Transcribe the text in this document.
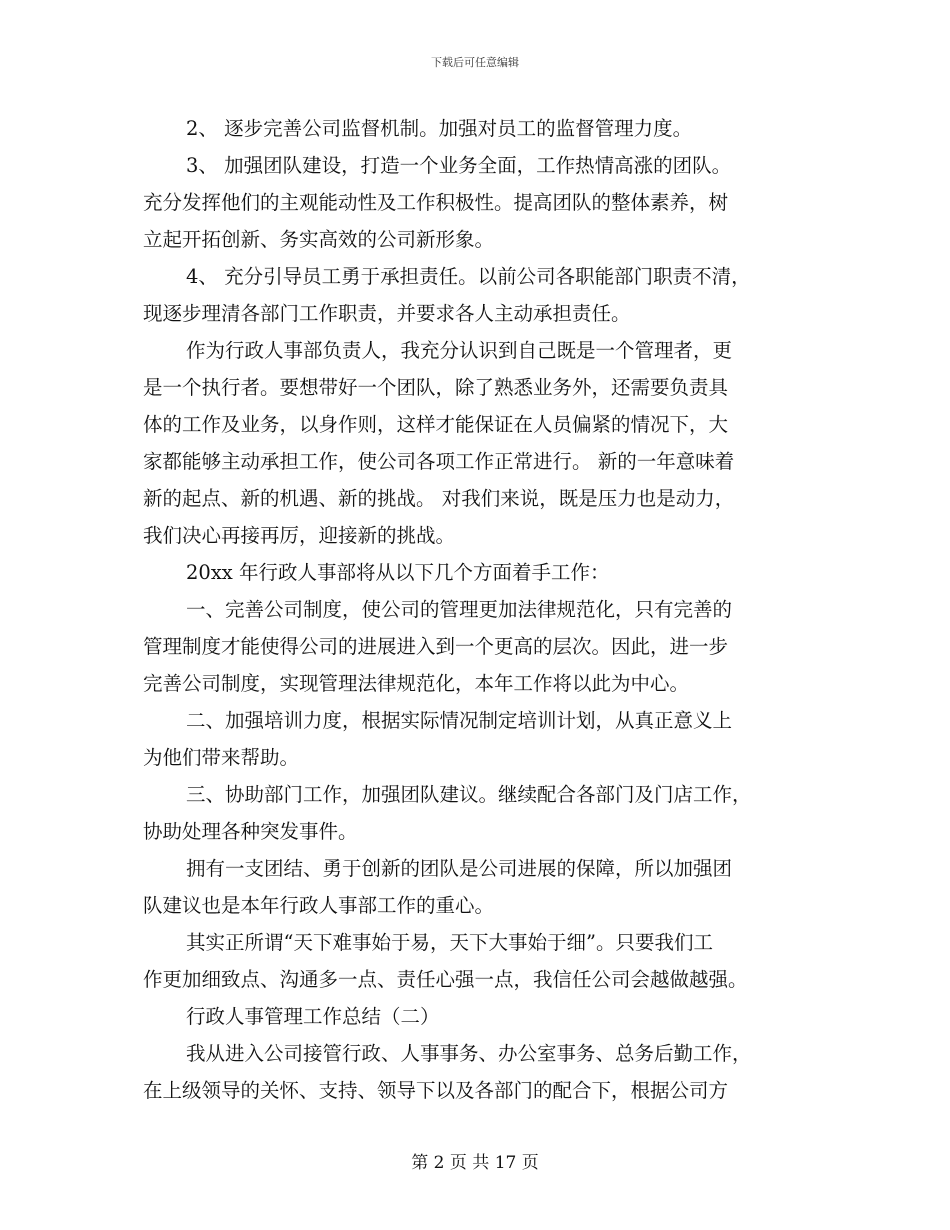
下载后可任意编辑
2、 逐步完善公司监督机制。加强对员工的监督管理力度。
3、 加强团队建设，打造一个业务全面，工作热情高涨的团队。
充分发挥他们的主观能动性及工作积极性。提高团队的整体素养，树
立起开拓创新、务实高效的公司新形象。
4、 充分引导员工勇于承担责任。以前公司各职能部门职责不清，
现逐步理清各部门工作职责，并要求各人主动承担责任。
作为行政人事部负责人，我充分认识到自己既是一个管理者，更
是一个执行者。要想带好一个团队，除了熟悉业务外，还需要负责具
体的工作及业务，以身作则，这样才能保证在人员偏紧的情况下，大
家都能够主动承担工作，使公司各项工作正常进行。 新的一年意味着
新的起点、新的机遇、新的挑战。 对我们来说，既是压力也是动力，
我们决心再接再厉，迎接新的挑战。
20xx 年行政人事部将从以下几个方面着手工作：
一、完善公司制度，使公司的管理更加法律规范化，只有完善的
管理制度才能使得公司的进展进入到一个更高的层次。因此，进一步
完善公司制度，实现管理法律规范化，本年工作将以此为中心。
二、加强培训力度，根据实际情况制定培训计划，从真正意义上
为他们带来帮助。
三、协助部门工作，加强团队建议。继续配合各部门及门店工作，
协助处理各种突发事件。
拥有一支团结、勇于创新的团队是公司进展的保障，所以加强团
队建议也是本年行政人事部工作的重心。
其实正所谓“天下难事始于易，天下大事始于细”。只要我们工
作更加细致点、沟通多一点、责任心强一点，我信任公司会越做越强。
行政人事管理工作总结（二）
我从进入公司接管行政、人事事务、办公室事务、总务后勤工作，
在上级领导的关怀、支持、领导下以及各部门的配合下，根据公司方
第 2 页 共 17 页
